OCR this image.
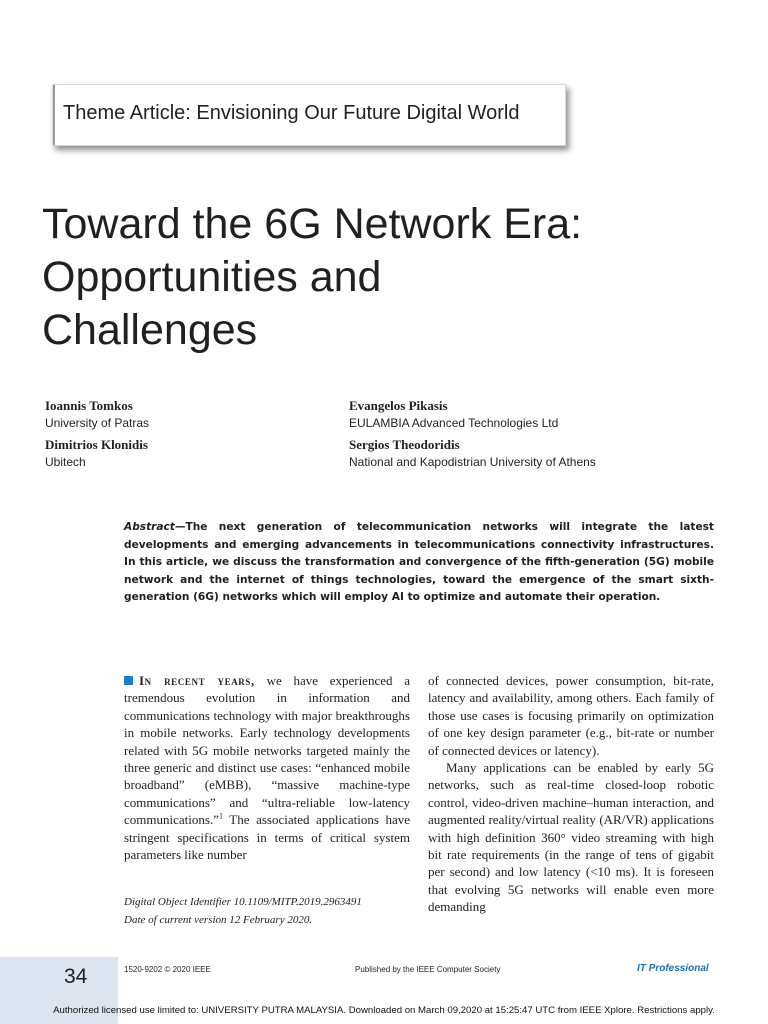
Theme Article: Envisioning Our Future Digital World
Toward the 6G Network Era:
Opportunities and
Challenges
Ioannis Tomkos
University of Patras
Dimitrios Klonidis
Ubitech
Evangelos Pikasis
EULAMBIA Advanced Technologies Ltd
Sergios Theodoridis
National and Kapodistrian University of Athens

Abstract—The next generation of telecommunication networks will integrate the latest developments and emerging advancements in telecommunications connectivity infrastructures. In this article, we discuss the transformation and convergence of the fifth-generation (5G) mobile network and the internet of things technologies, toward the emergence of the smart sixth-generation (6G) networks which will employ AI to optimize and automate their operation.

In recent years, we have experienced a tremendous evolution in information and communications technology with major breakthroughs in mobile networks. Early technology developments related with 5G mobile networks targeted mainly the three generic and distinct use cases: “enhanced mobile broadband” (eMBB), “massive machine-type communications” and “ultra-reliable low-latency communications.”$^1$ The associated applications have stringent specifications in terms of critical system parameters like number

of connected devices, power consumption, bit-rate, latency and availability, among others. Each family of those use cases is focusing primarily on optimization of one key design parameter (e.g., bit-rate or number of connected devices or latency).

Many applications can be enabled by early 5G networks, such as real-time closed-loop robotic control, video-driven machine–human interaction, and augmented reality/virtual reality (AR/VR) applications with high definition 360° video streaming with high bit rate requirements (in the range of tens of gigabit per second) and low latency (<10 ms). It is foreseen that evolving 5G networks will enable even more demanding

Digital Object Identifier 10.1109/MITP.2019.2963491
Date of current version 12 February 2020.
34	1520-9202 © 2020 IEEE	Published by the IEEE Computer Society	IT Professional
Authorized licensed use limited to: UNIVERSITY PUTRA MALAYSIA. Downloaded on March 09,2020 at 15:25:47 UTC from IEEE Xplore. Restrictions apply.
